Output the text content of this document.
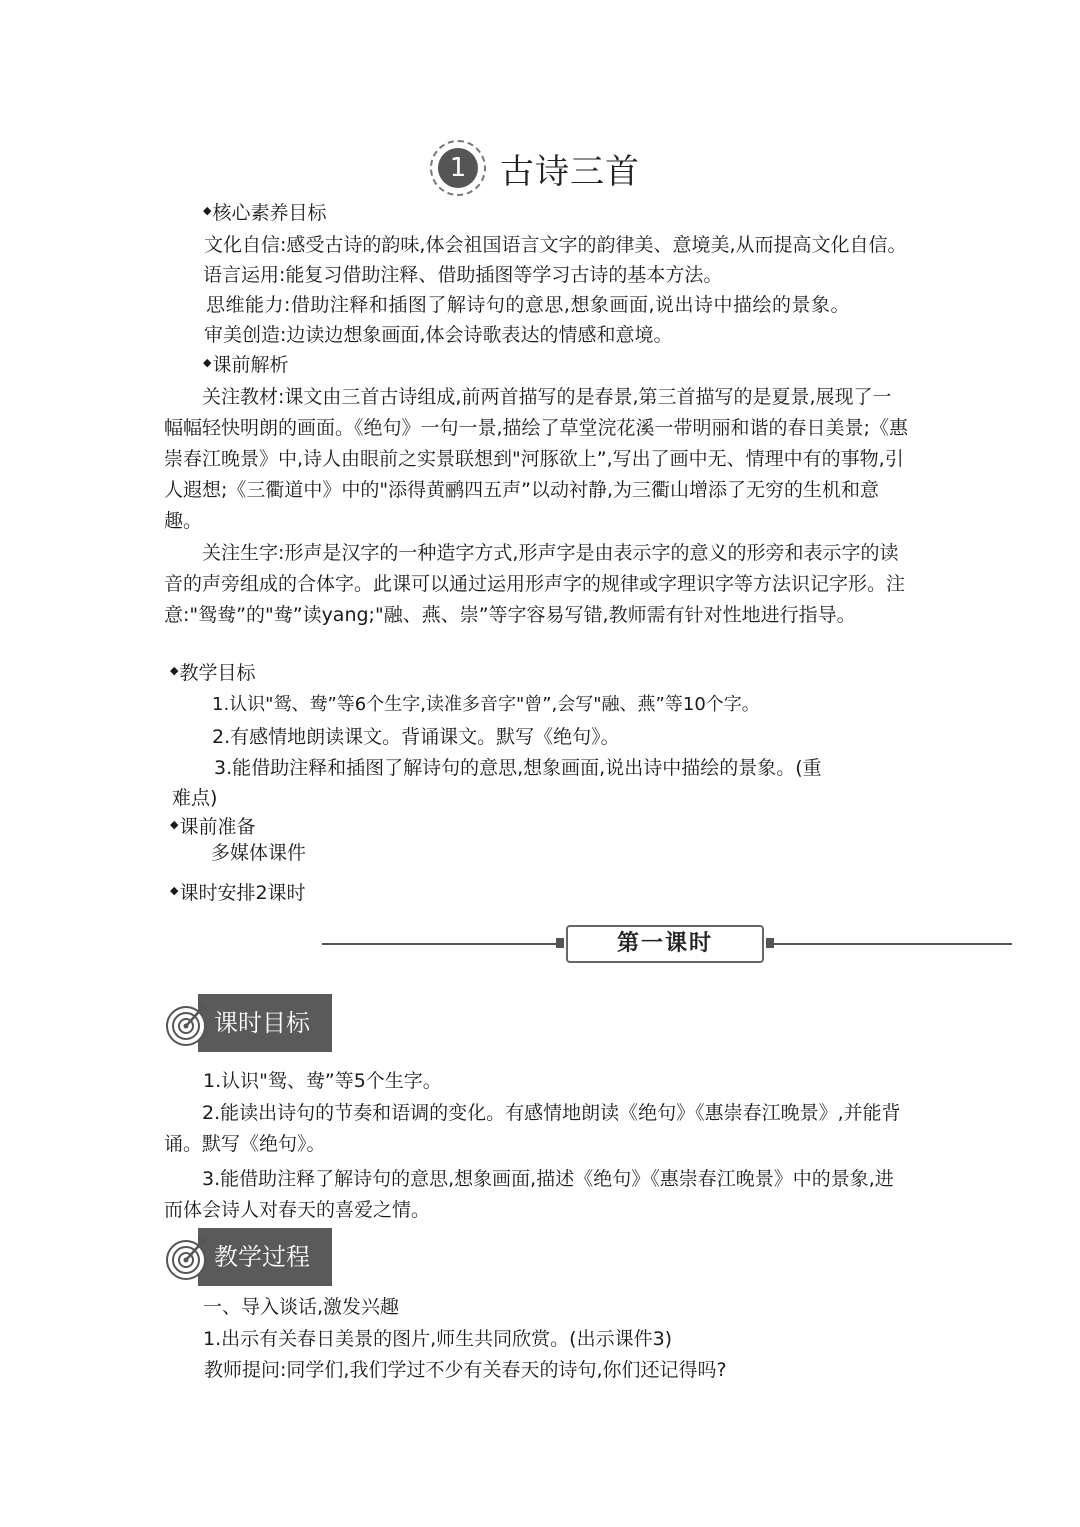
1 古诗三首
◆核心素养目标
文化自信:感受古诗的韵味,体会祖国语言文字的韵律美、意境美,从而提高文化自信。
语言运用:能复习借助注释、借助插图等学习古诗的基本方法。
思维能力:借助注释和插图了解诗句的意思,想象画面,说出诗中描绘的景象。
审美创造:边读边想象画面,体会诗歌表达的情感和意境。
◆课前解析
关注教材:课文由三首古诗组成,前两首描写的是春景,第三首描写的是夏景,展现了一幅幅轻快明朗的画面。《绝句》一句一景,描绘了草堂浣花溪一带明丽和谐的春日美景;《惠崇春江晚景》中,诗人由眼前之实景联想到"河豚欲上”,写出了画中无、情理中有的事物,引人遐想;《三衢道中》中的"添得黄鹂四五声”以动衬静,为三衢山增添了无穷的生机和意趣。
关注生字:形声是汉字的一种造字方式,形声字是由表示字的意义的形旁和表示字的读音的声旁组成的合体字。此课可以通过运用形声字的规律或字理识字等方法识记字形。注意:"鸳鸯”的"鸯”读yang;"融、燕、崇”等字容易写错,教师需有针对性地进行指导。
◆教学目标
1.认识"鸳、鸯”等6个生字,读准多音字"曾”,会写"融、燕”等10个字。
2.有感情地朗读课文。背诵课文。默写《绝句》。
3.能借助注释和插图了解诗句的意思,想象画面,说出诗中描绘的景象。(重
难点)
◆课前准备
多媒体课件
◆课时安排2课时
第一课时
课时目标
1.认识"鸳、鸯”等5个生字。
2.能读出诗句的节奏和语调的变化。有感情地朗读《绝句》《惠崇春江晚景》,并能背诵。默写《绝句》。
3.能借助注释了解诗句的意思,想象画面,描述《绝句》《惠崇春江晚景》中的景象,进而体会诗人对春天的喜爱之情。
教学过程
一、导入谈话,激发兴趣
1.出示有关春日美景的图片,师生共同欣赏。(出示课件3)
教师提问:同学们,我们学过不少有关春天的诗句,你们还记得吗?
